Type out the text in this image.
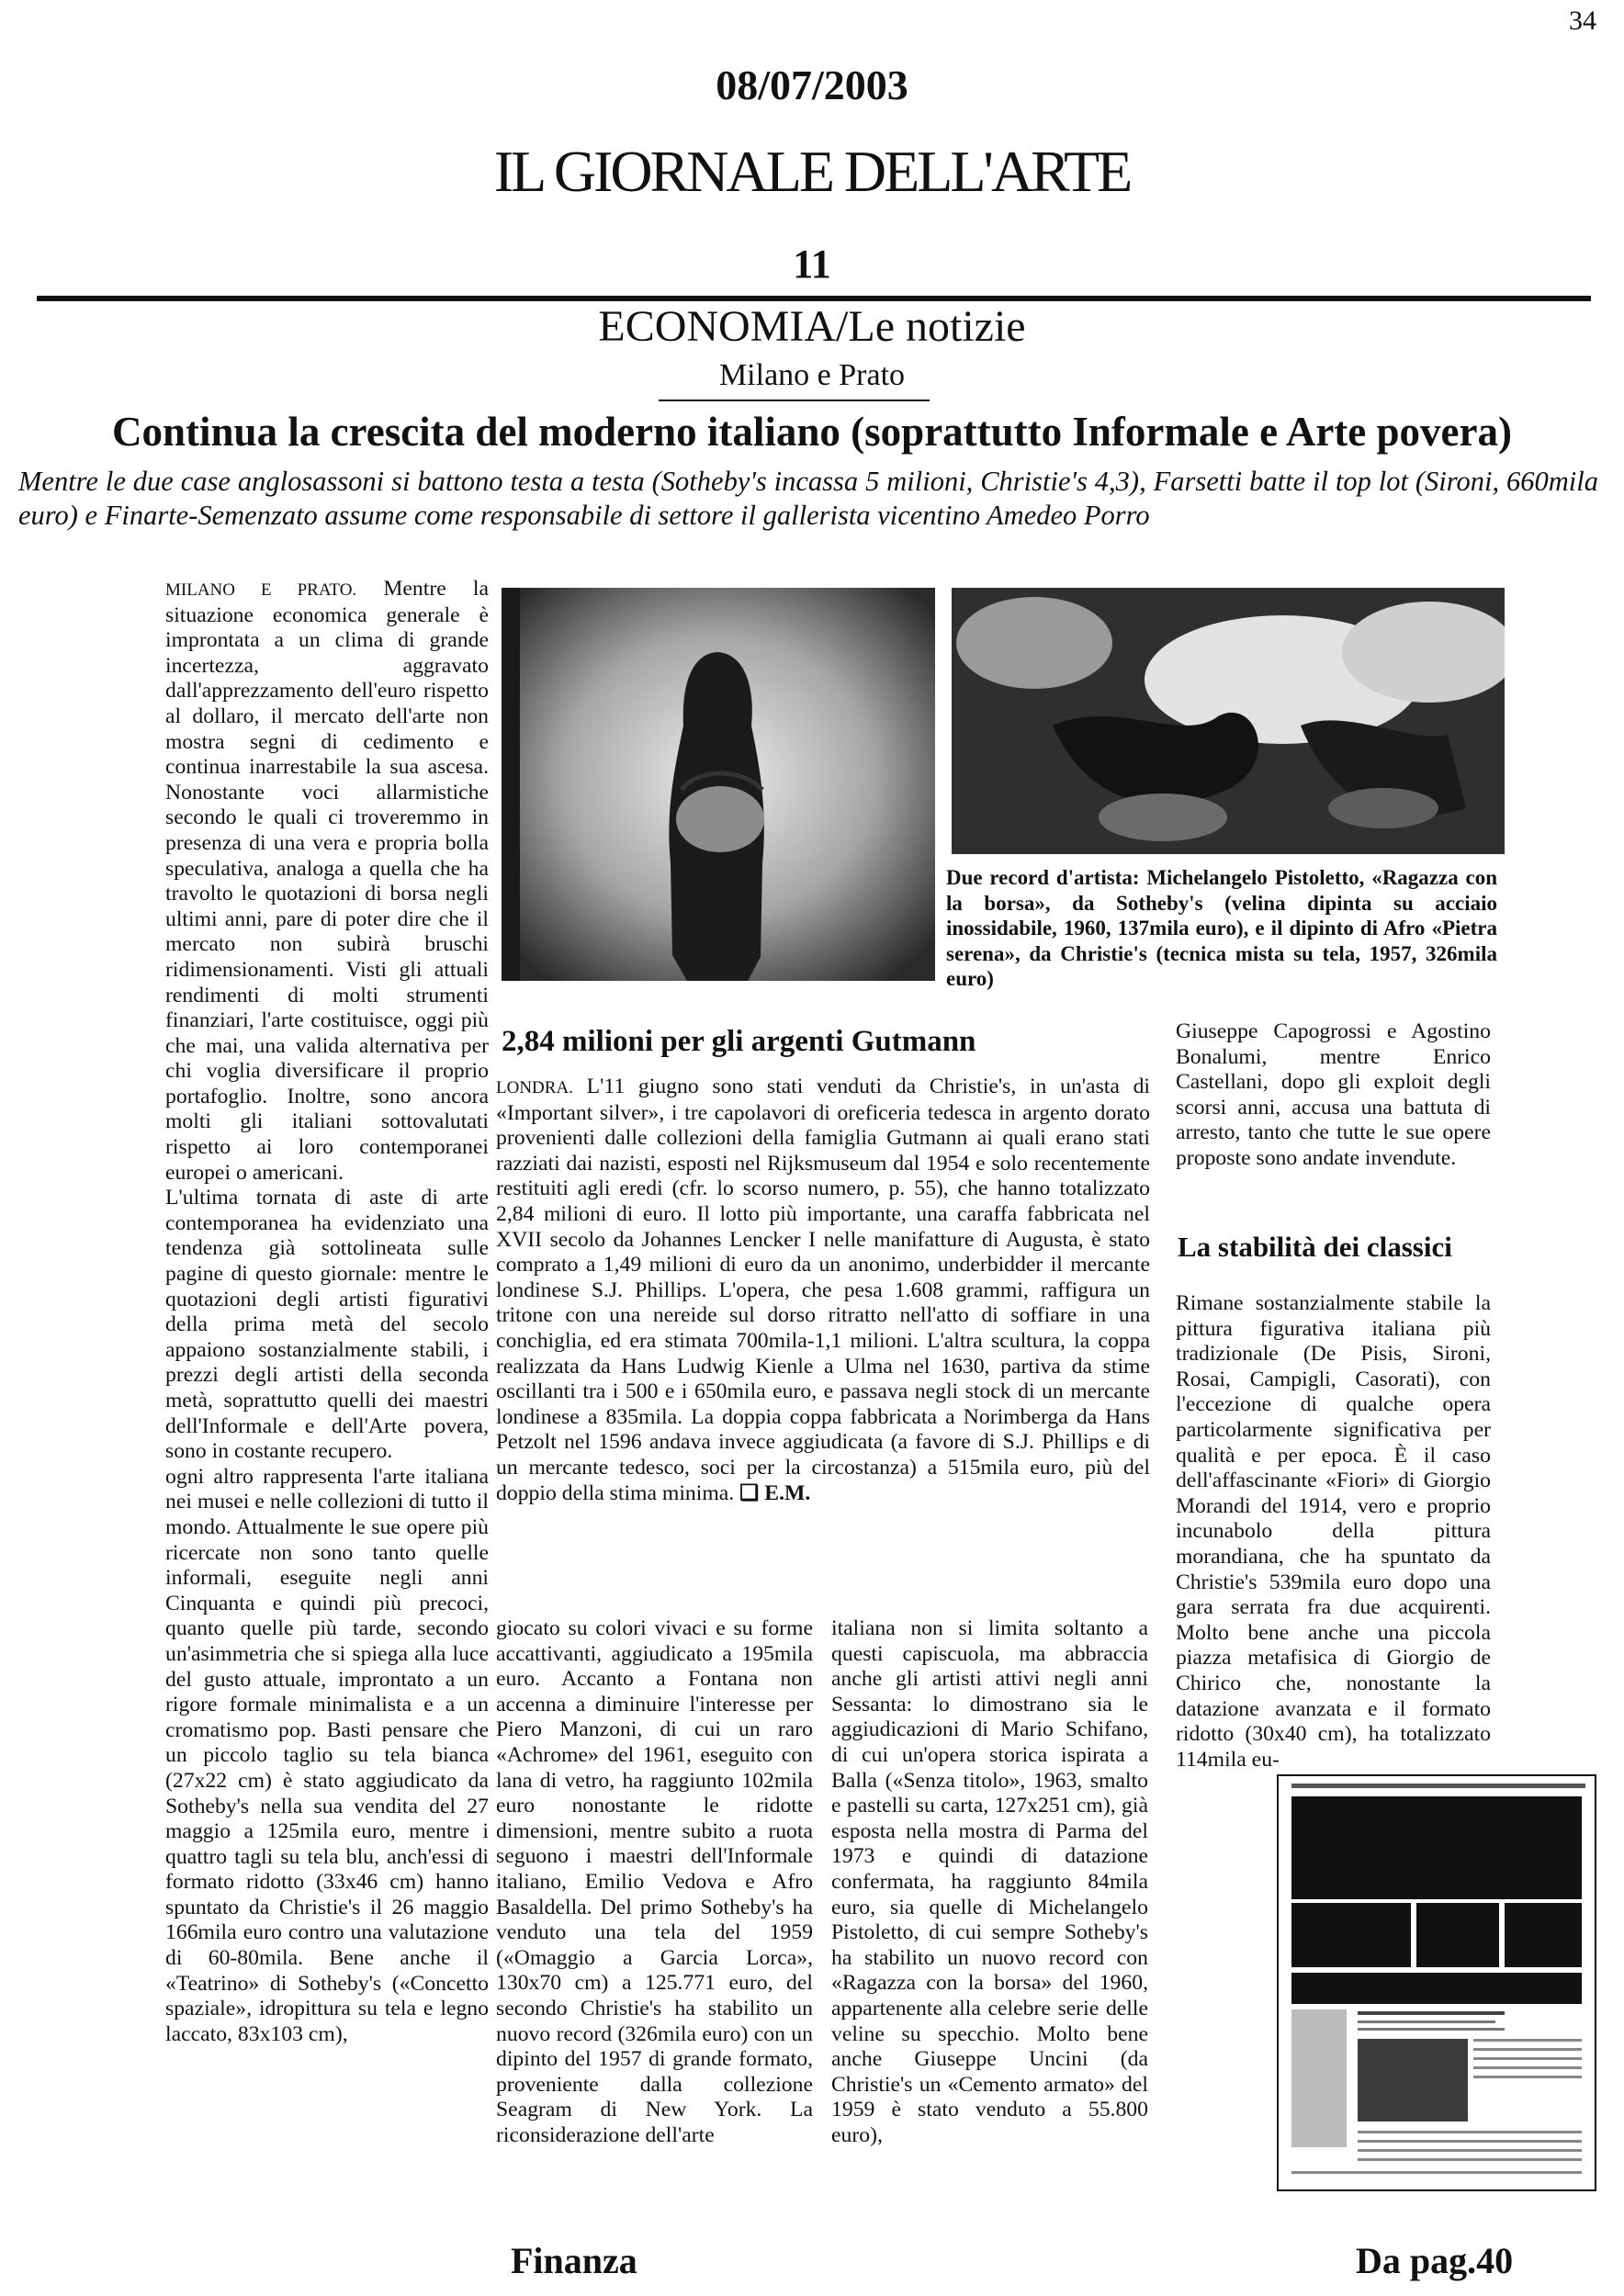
34
08/07/2003
IL GIORNALE DELL'ARTE
11
ECONOMIA/Le notizie
Milano e Prato
Continua la crescita del moderno italiano (soprattutto Informale e Arte povera)
Mentre le due case anglosassoni si battono testa a testa (Sotheby's incassa 5 milioni, Christie's 4,3), Farsetti batte il top lot (Sironi, 660mila euro) e Finarte-Semenzato assume come responsabile di settore il gallerista vicentino Amedeo Porro

MILANO E PRATO. Mentre la situazione economica generale è improntata a un clima di grande incertezza, aggravato dall'apprezzamento dell'euro rispetto al dollaro, il mercato dell'arte non mostra segni di cedimento e continua inarrestabile la sua ascesa. Nonostante voci allarmistiche secondo le quali ci troveremmo in presenza di una vera e propria bolla speculativa, analoga a quella che ha travolto le quotazioni di borsa negli ultimi anni, pare di poter dire che il mercato non subirà bruschi ridimensionamenti. Visti gli attuali rendimenti di molti strumenti finanziari, l'arte costituisce, oggi più che mai, una valida alternativa per chi voglia diversificare il proprio portafoglio. Inoltre, sono ancora molti gli italiani sottovalutati rispetto ai loro contemporanei europei o americani.

L'ultima tornata di aste di arte contemporanea ha evidenziato una tendenza già sottolineata sulle pagine di questo giornale: mentre le quotazioni degli artisti figurativi della prima metà del secolo appaiono sostanzialmente stabili, i prezzi degli artisti della seconda metà, soprattutto quelli dei maestri dell'Informale e dell'Arte povera, sono in costante recupero.

ogni altro rappresenta l'arte italiana nei musei e nelle collezioni di tutto il mondo. Attualmente le sue opere più ricercate non sono tanto quelle informali, eseguite negli anni Cinquanta e quindi più precoci, quanto quelle più tarde, secondo un'asimmetria che si spiega alla luce del gusto attuale, improntato a un rigore formale minimalista e a un cromatismo pop. Basti pensare che un piccolo taglio su tela bianca (27x22 cm) è stato aggiudicato da Sotheby's nella sua vendita del 27 maggio a 125mila euro, mentre i quattro tagli su tela blu, anch'essi di formato ridotto (33x46 cm) hanno spuntato da Christie's il 26 maggio 166mila euro contro una valutazione di 60-80mila. Bene anche il «Teatrino» di Sotheby's («Concetto spaziale», idropittura su tela e legno laccato, 83x103 cm),

Due record d'artista: Michelangelo Pistoletto, «Ragazza con la borsa», da Sotheby's (velina dipinta su acciaio inossidabile, 1960, 137mila euro), e il dipinto di Afro «Pietra serena», da Christie's (tecnica mista su tela, 1957, 326mila euro)
2,84 milioni per gli argenti Gutmann

LONDRA. L'11 giugno sono stati venduti da Christie's, in un'asta di «Important silver», i tre capolavori di oreficeria tedesca in argento dorato provenienti dalle collezioni della famiglia Gutmann ai quali erano stati razziati dai nazisti, esposti nel Rijksmuseum dal 1954 e solo recentemente restituiti agli eredi (cfr. lo scorso numero, p. 55), che hanno totalizzato 2,84 milioni di euro. Il lotto più importante, una caraffa fabbricata nel XVII secolo da Johannes Lencker I nelle manifatture di Augusta, è stato comprato a 1,49 milioni di euro da un anonimo, underbidder il mercante londinese S.J. Phillips. L'opera, che pesa 1.608 grammi, raffigura un tritone con una nereide sul dorso ritratto nell'atto di soffiare in una conchiglia, ed era stimata 700mila-1,1 milioni. L'altra scultura, la coppa realizzata da Hans Ludwig Kienle a Ulma nel 1630, partiva da stime oscillanti tra i 500 e i 650mila euro, e passava negli stock di un mercante londinese a 835mila. La doppia coppa fabbricata a Norimberga da Hans Petzolt nel 1596 andava invece aggiudicata (a favore di S.J. Phillips e di un mercante tedesco, soci per la circostanza) a 515mila euro, più del doppio della stima minima. ❑ E.M.

giocato su colori vivaci e su forme accattivanti, aggiudicato a 195mila euro. Accanto a Fontana non accenna a diminuire l'interesse per Piero Manzoni, di cui un raro «Achrome» del 1961, eseguito con lana di vetro, ha raggiunto 102mila euro nonostante le ridotte dimensioni, mentre subito a ruota seguono i maestri dell'Informale italiano, Emilio Vedova e Afro Basaldella. Del primo Sotheby's ha venduto una tela del 1959 («Omaggio a Garcia Lorca», 130x70 cm) a 125.771 euro, del secondo Christie's ha stabilito un nuovo record (326mila euro) con un dipinto del 1957 di grande formato, proveniente dalla collezione Seagram di New York. La riconsiderazione dell'arte

italiana non si limita soltanto a questi capiscuola, ma abbraccia anche gli artisti attivi negli anni Sessanta: lo dimostrano sia le aggiudicazioni di Mario Schifano, di cui un'opera storica ispirata a Balla («Senza titolo», 1963, smalto e pastelli su carta, 127x251 cm), già esposta nella mostra di Parma del 1973 e quindi di datazione confermata, ha raggiunto 84mila euro, sia quelle di Michelangelo Pistoletto, di cui sempre Sotheby's ha stabilito un nuovo record con «Ragazza con la borsa» del 1960, appartenente alla celebre serie delle veline su specchio. Molto bene anche Giuseppe Uncini (da Christie's un «Cemento armato» del 1959 è stato venduto a 55.800 euro),

Giuseppe Capogrossi e Agostino Bonalumi, mentre Enrico Castellani, dopo gli exploit degli scorsi anni, accusa una battuta di arresto, tanto che tutte le sue opere proposte sono andate invendute.

La stabilità dei classici

Rimane sostanzialmente stabile la pittura figurativa italiana più tradizionale (De Pisis, Sironi, Rosai, Campigli, Casorati), con l'eccezione di qualche opera particolarmente significativa per qualità e per epoca. È il caso dell'affascinante «Fiori» di Giorgio Morandi del 1914, vero e proprio incunabolo della pittura morandiana, che ha spuntato da Christie's 539mila euro dopo una gara serrata fra due acquirenti. Molto bene anche una piccola piazza metafisica di Giorgio de Chirico che, nonostante la datazione avanzata e il formato ridotto (30x40 cm), ha totalizzato 114mila eu-

Finanza	Da pag.40
